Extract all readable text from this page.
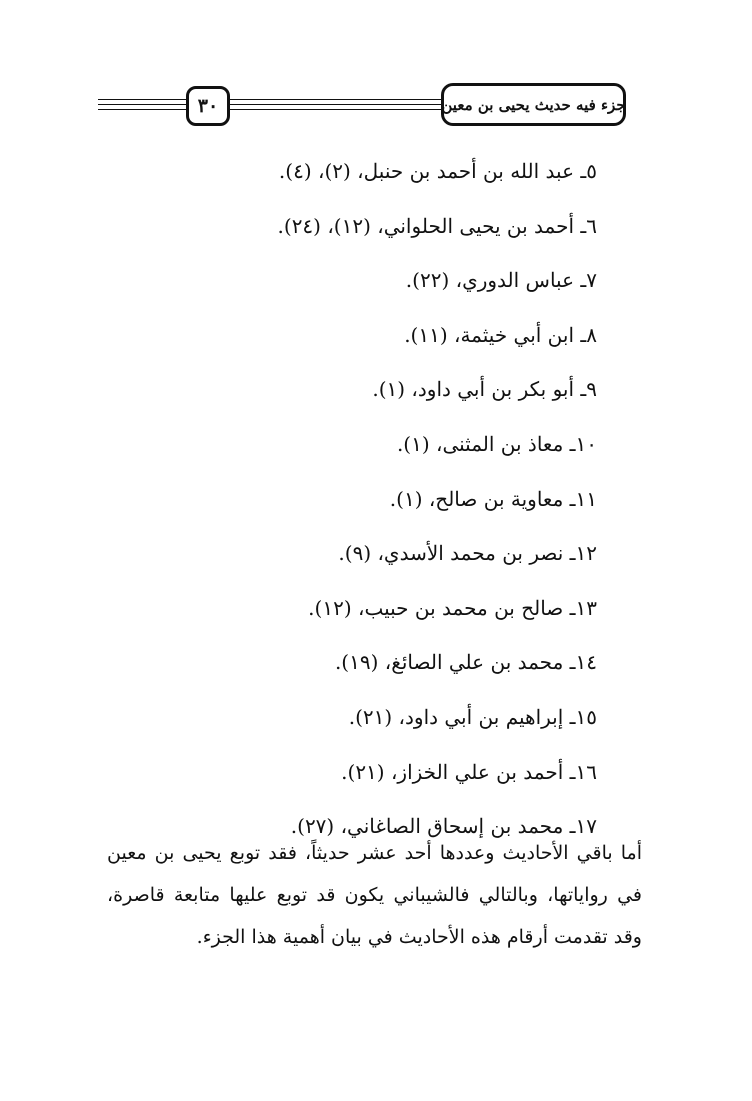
٣٠	جزء فيه حديث يحيى بن معين
٥ـ عبد الله بن أحمد بن حنبل، (٢)، (٤).
٦ـ أحمد بن يحيى الحلواني، (١٢)، (٢٤).
٧ـ عباس الدوري، (٢٢).
٨ـ ابن أبي خيثمة، (١١).
٩ـ أبو بكر بن أبي داود، (١).
١٠ـ معاذ بن المثنى، (١).
١١ـ معاوية بن صالح، (١).
١٢ـ نصر بن محمد الأسدي، (٩).
١٣ـ صالح بن محمد بن حبيب، (١٢).
١٤ـ محمد بن علي الصائغ، (١٩).
١٥ـ إبراهيم بن أبي داود، (٢١).
١٦ـ أحمد بن علي الخزاز، (٢١).
١٧ـ محمد بن إسحاق الصاغاني، (٢٧).

أما باقي الأحاديث وعددها أحد عشر حديثاً، فقد توبع يحيى بن معين في رواياتها، وبالتالي فالشيباني يكون قد توبع عليها متابعة قاصرة، وقد تقدمت أرقام هذه الأحاديث في بيان أهمية هذا الجزء.
